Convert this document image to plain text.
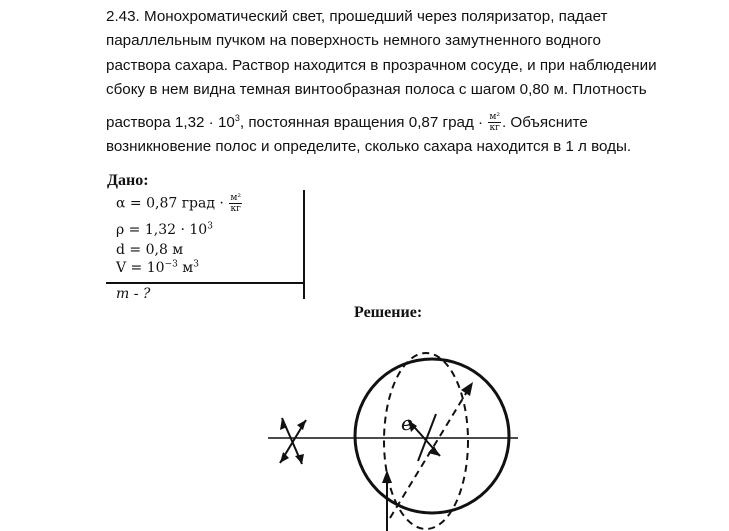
2.43. Монохроматический свет, прошедший через поляризатор, падает

параллельным пучком на поверхность немного замутненного водного

раствора сахара. Раствор находится в прозрачном сосуде, и при наблюдении

сбоку в нем видна темная винтообразная полоса с шагом 0,80 м. Плотность

раствора $1,32 \cdot 10^3$, постоянная вращения 0,87 град · $\frac{\text{м²}}{кг}$ . Объясните

возникновение полос и определите, сколько сахара находится в 1 л воды.

Дано:
α = 0,87 град · $\frac{\text{м²}}{кг}$
$\rho = 1,32 \cdot 10^3$
d = 0,8 м
$V = 10^{-3}$ $м^3$
m - ?
Решение:
e
